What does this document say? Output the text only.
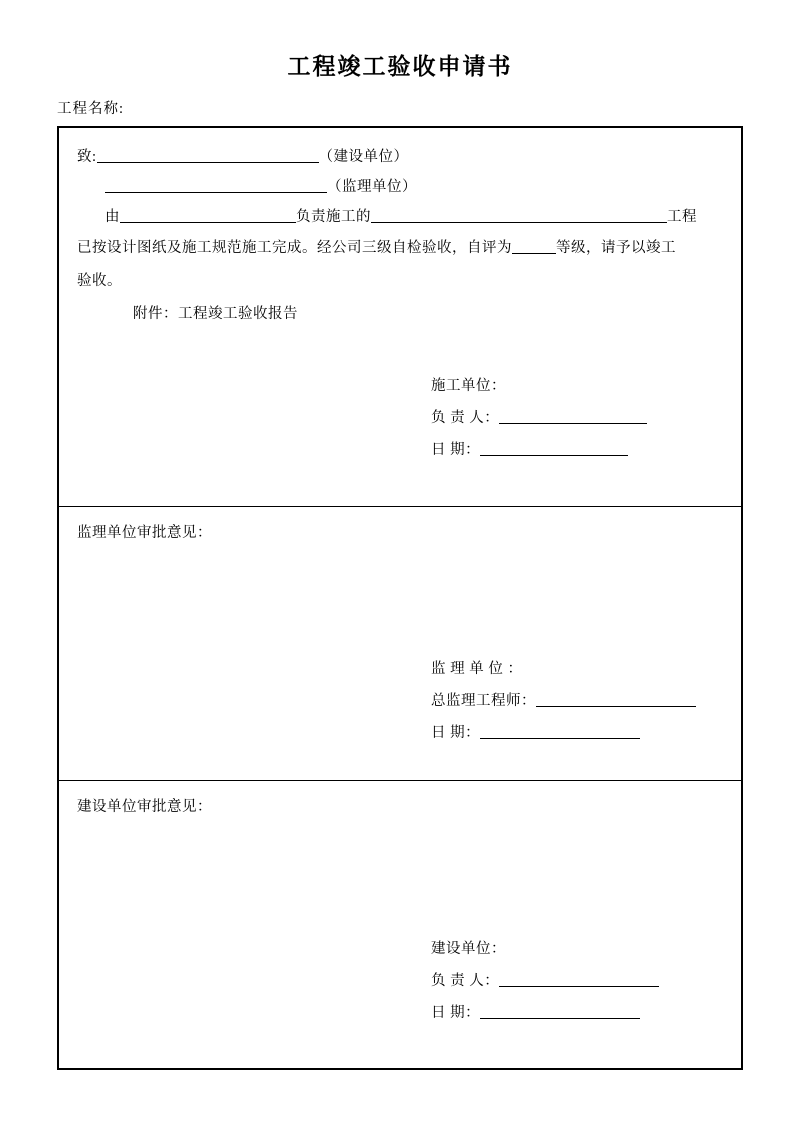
工程竣工验收申请书
工程名称:
致:	（建设单位）
（监理单位）
由	负责施工的	工程
已按设计图纸及施工规范施工完成。经公司三级自检验收，自评为	等级，请予以竣工
验收。
附件：工程竣工验收报告
施工单位：
负 责 人：
日 期：
监理单位审批意见：
监 理 单 位 ：
总监理工程师：
日 期：
建设单位审批意见：
建设单位：
负 责 人：
日 期：
